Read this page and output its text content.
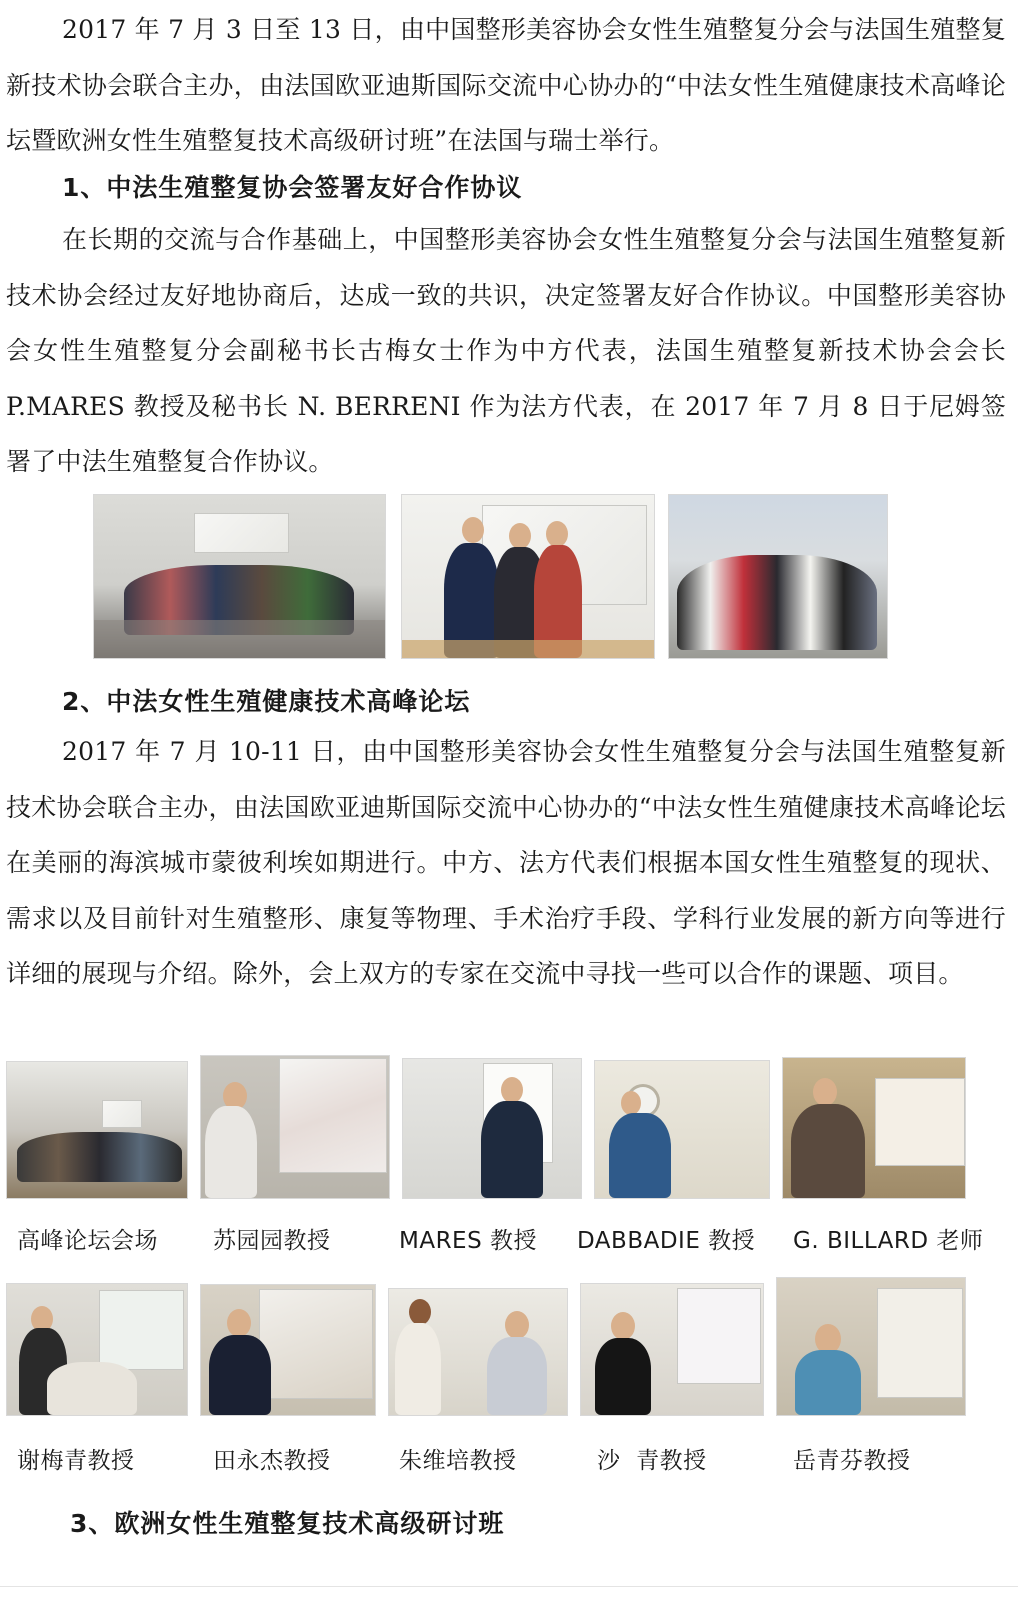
2017 年 7 月 3 日至 13 日，由中国整形美容协会女性生殖整复分会与法国生殖整复新技术协会联合主办，由法国欧亚迪斯国际交流中心协办的“中法女性生殖健康技术高峰论坛暨欧洲女性生殖整复技术高级研讨班”在法国与瑞士举行。

1、中法生殖整复协会签署友好合作协议

在长期的交流与合作基础上，中国整形美容协会女性生殖整复分会与法国生殖整复新技术协会经过友好地协商后，达成一致的共识，决定签署友好合作协议。中国整形美容协会女性生殖整复分会副秘书长古梅女士作为中方代表，法国生殖整复新技术协会会长 P.MARES 教授及秘书长 N. BERRENI 作为法方代表，在 2017 年 7 月 8 日于尼姆签署了中法生殖整复合作协议。

2、中法女性生殖健康技术高峰论坛

2017 年 7 月 10-11 日，由中国整形美容协会女性生殖整复分会与法国生殖整复新技术协会联合主办，由法国欧亚迪斯国际交流中心协办的“中法女性生殖健康技术高峰论坛在美丽的海滨城市蒙彼利埃如期进行。中方、法方代表们根据本国女性生殖整复的现状、需求以及目前针对生殖整形、康复等物理、手术治疗手段、学科行业发展的新方向等进行详细的展现与介绍。除外，会上双方的专家在交流中寻找一些可以合作的课题、项目。

高峰论坛会场 苏园园教授	MARES 教授 DABBADIE 教授 G. BILLARD 老师
谢梅青教授	田永杰教授	朱维培教授	沙  青教授	岳青芬教授
3、欧洲女性生殖整复技术高级研讨班
